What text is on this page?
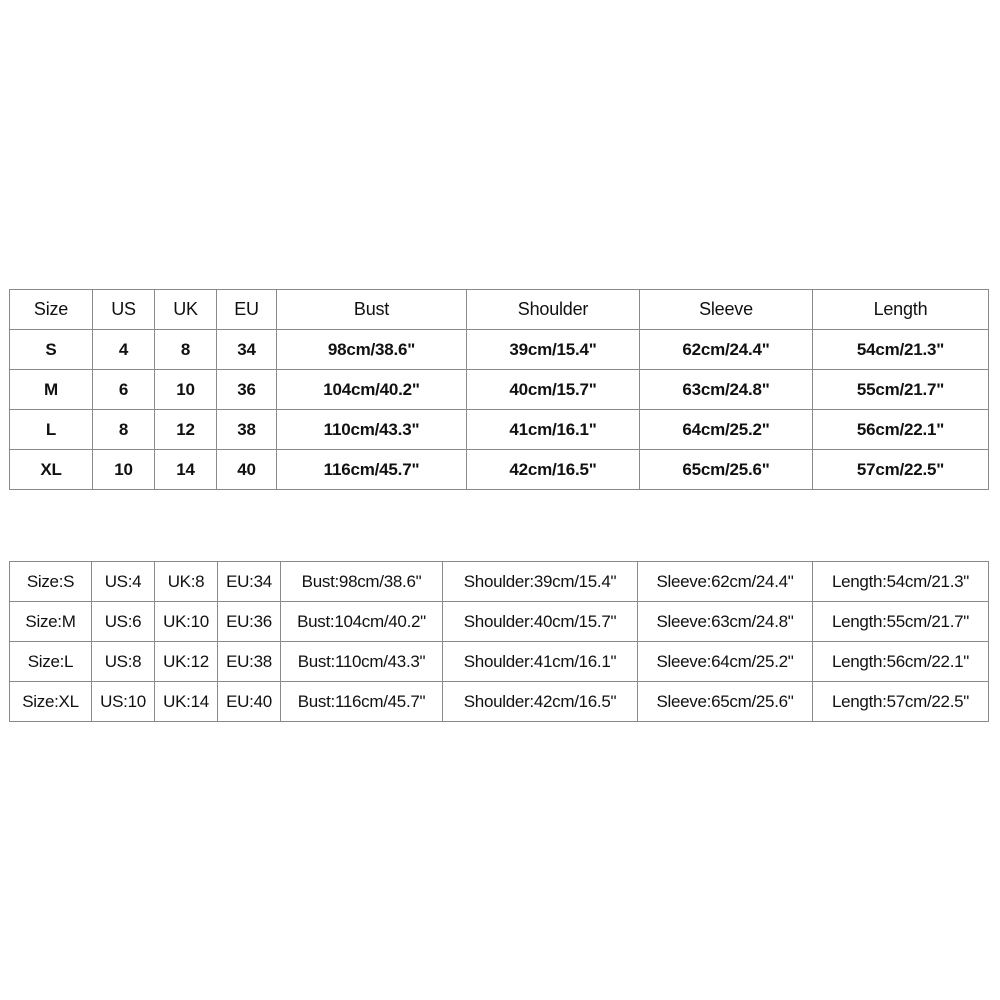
Size	US	UK	EU	Bust	Shoulder	Sleeve	Length
S	4	8	34	98cm/38.6"	39cm/15.4"	62cm/24.4"	54cm/21.3"
M	6	10	36	104cm/40.2"	40cm/15.7"	63cm/24.8"	55cm/21.7"
L	8	12	38	110cm/43.3"	41cm/16.1"	64cm/25.2"	56cm/22.1"
XL	10	14	40	116cm/45.7"	42cm/16.5"	65cm/25.6"	57cm/22.5"
Size:S	US:4	UK:8	EU:34	Bust:98cm/38.6"	Shoulder:39cm/15.4"	Sleeve:62cm/24.4"	Length:54cm/21.3"
Size:M	US:6	UK:10	EU:36	Bust:104cm/40.2"	Shoulder:40cm/15.7"	Sleeve:63cm/24.8"	Length:55cm/21.7"
Size:L	US:8	UK:12	EU:38	Bust:110cm/43.3"	Shoulder:41cm/16.1"	Sleeve:64cm/25.2"	Length:56cm/22.1"
Size:XL	US:10	UK:14	EU:40	Bust:116cm/45.7"	Shoulder:42cm/16.5"	Sleeve:65cm/25.6"	Length:57cm/22.5"
